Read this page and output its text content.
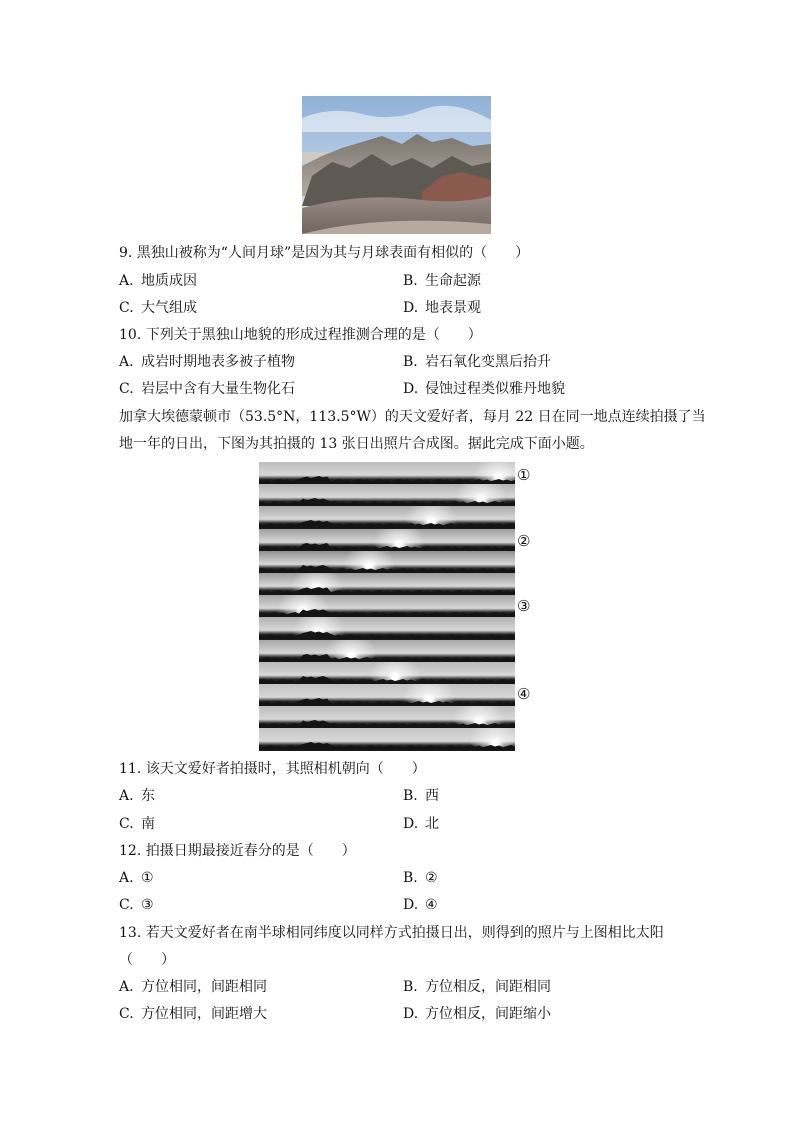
9. 黑独山被称为“人间月球”是因为其与月球表面有相似的（　　）
A. 地质成因	B. 生命起源
C. 大气组成	D. 地表景观
10. 下列关于黑独山地貌的形成过程推测合理的是（　　）
A. 成岩时期地表多被子植物	B. 岩石氧化变黑后抬升
C. 岩层中含有大量生物化石	D. 侵蚀过程类似雅丹地貌
加拿大埃德蒙顿市（53.5°N，113.5°W）的天文爱好者，每月 22 日在同一地点连续拍摄了当
地一年的日出，下图为其拍摄的 13 张日出照片合成图。据此完成下面小题。
①
②
③
④
11. 该天文爱好者拍摄时，其照相机朝向（　　）
A. 东	B. 西
C. 南	D. 北
12. 拍摄日期最接近春分的是（　　）
A. ①	B. ②
C. ③	D. ④
13. 若天文爱好者在南半球相同纬度以同样方式拍摄日出，则得到的照片与上图相比太阳
（　　）
A. 方位相同，间距相同	B. 方位相反，间距相同
C. 方位相同，间距增大	D. 方位相反，间距缩小
